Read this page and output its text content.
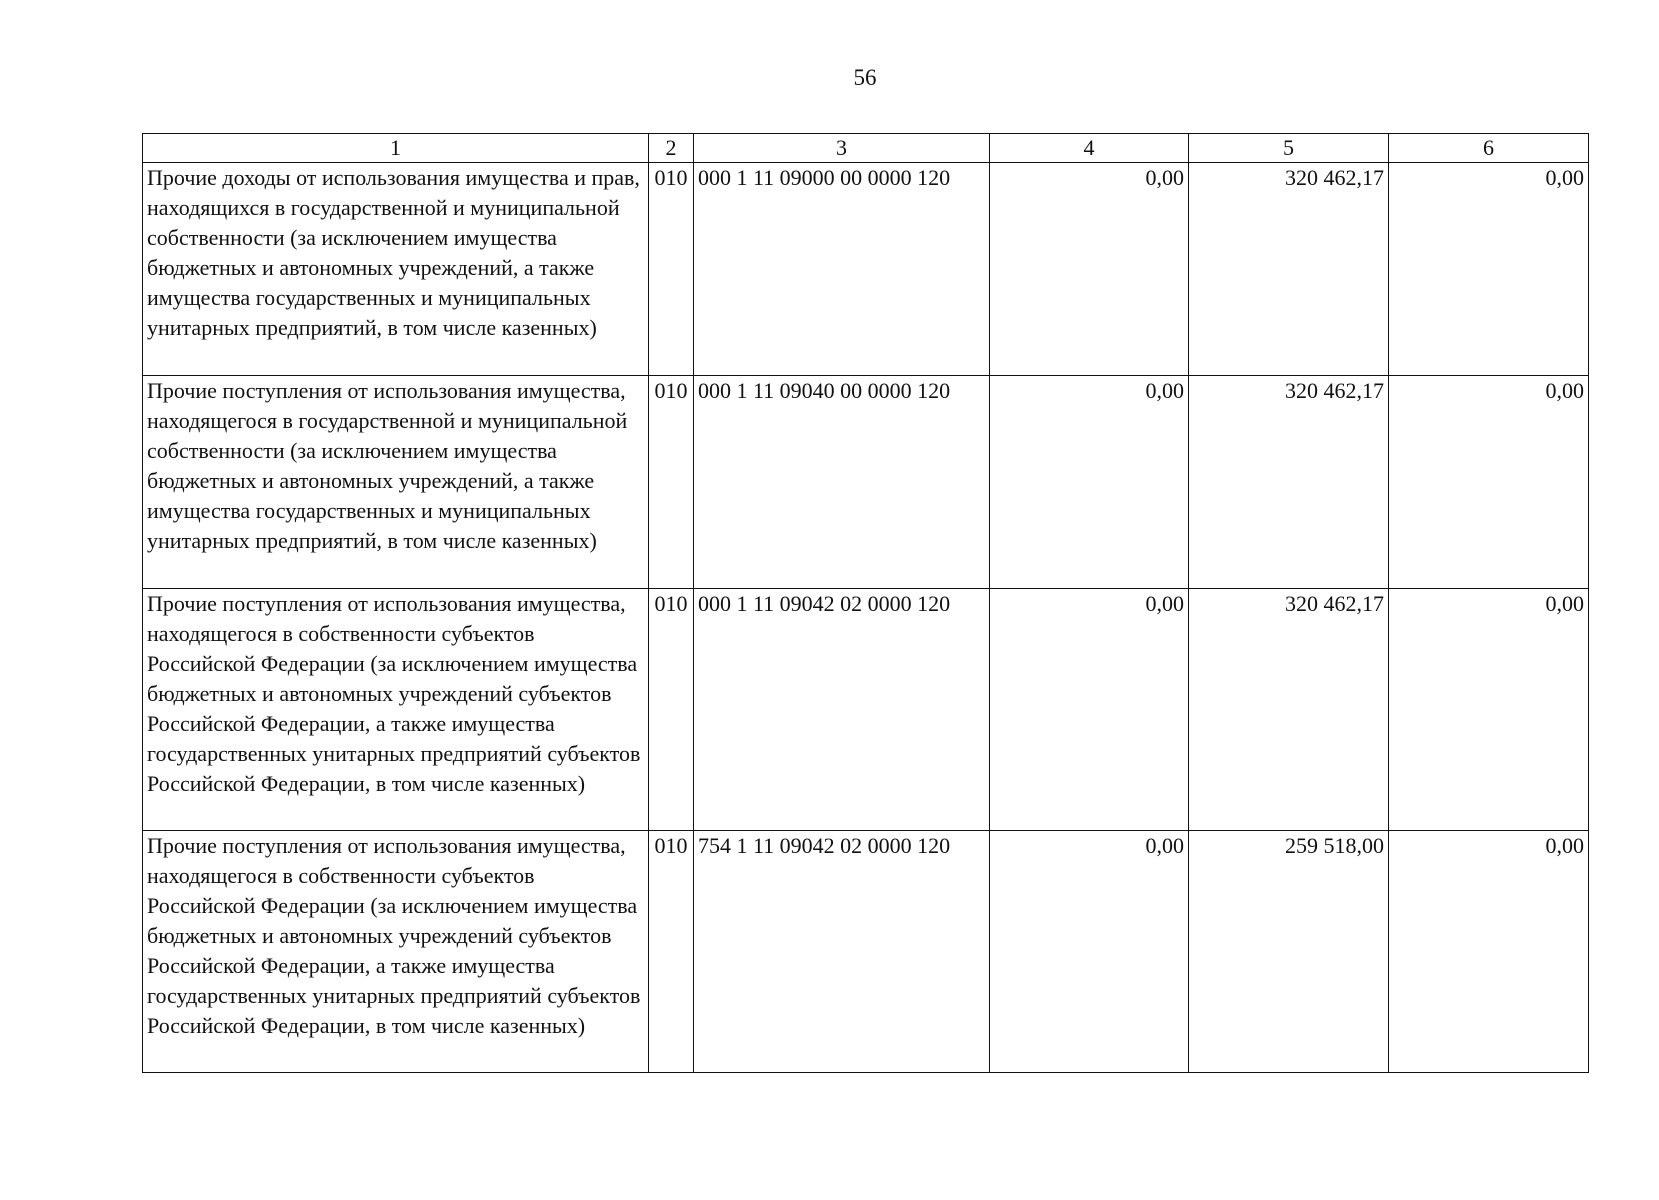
56
1	2	3	4	5	6
Прочие доходы от использования имущества и прав, находящихся в государственной и муниципальной собственности (за исключением имущества бюджетных и автономных учреждений, а также имущества государственных и муниципальных унитарных предприятий, в том числе казенных)	010	000 1 11 09000 00 0000 120	0,00	320 462,17	0,00
Прочие поступления от использования имущества, находящегося в государственной и муниципальной собственности (за исключением имущества бюджетных и автономных учреждений, а также имущества государственных и муниципальных унитарных предприятий, в том числе казенных)	010	000 1 11 09040 00 0000 120	0,00	320 462,17	0,00
Прочие поступления от использования имущества, находящегося в собственности субъектов Российской Федерации (за исключением имущества бюджетных и автономных учреждений субъектов Российской Федерации, а также имущества государственных унитарных предприятий субъектов Российской Федерации, в том числе казенных)	010	000 1 11 09042 02 0000 120	0,00	320 462,17	0,00
Прочие поступления от использования имущества, находящегося в собственности субъектов Российской Федерации (за исключением имущества бюджетных и автономных учреждений субъектов Российской Федерации, а также имущества государственных унитарных предприятий субъектов Российской Федерации, в том числе казенных)	010	754 1 11 09042 02 0000 120	0,00	259 518,00	0,00
